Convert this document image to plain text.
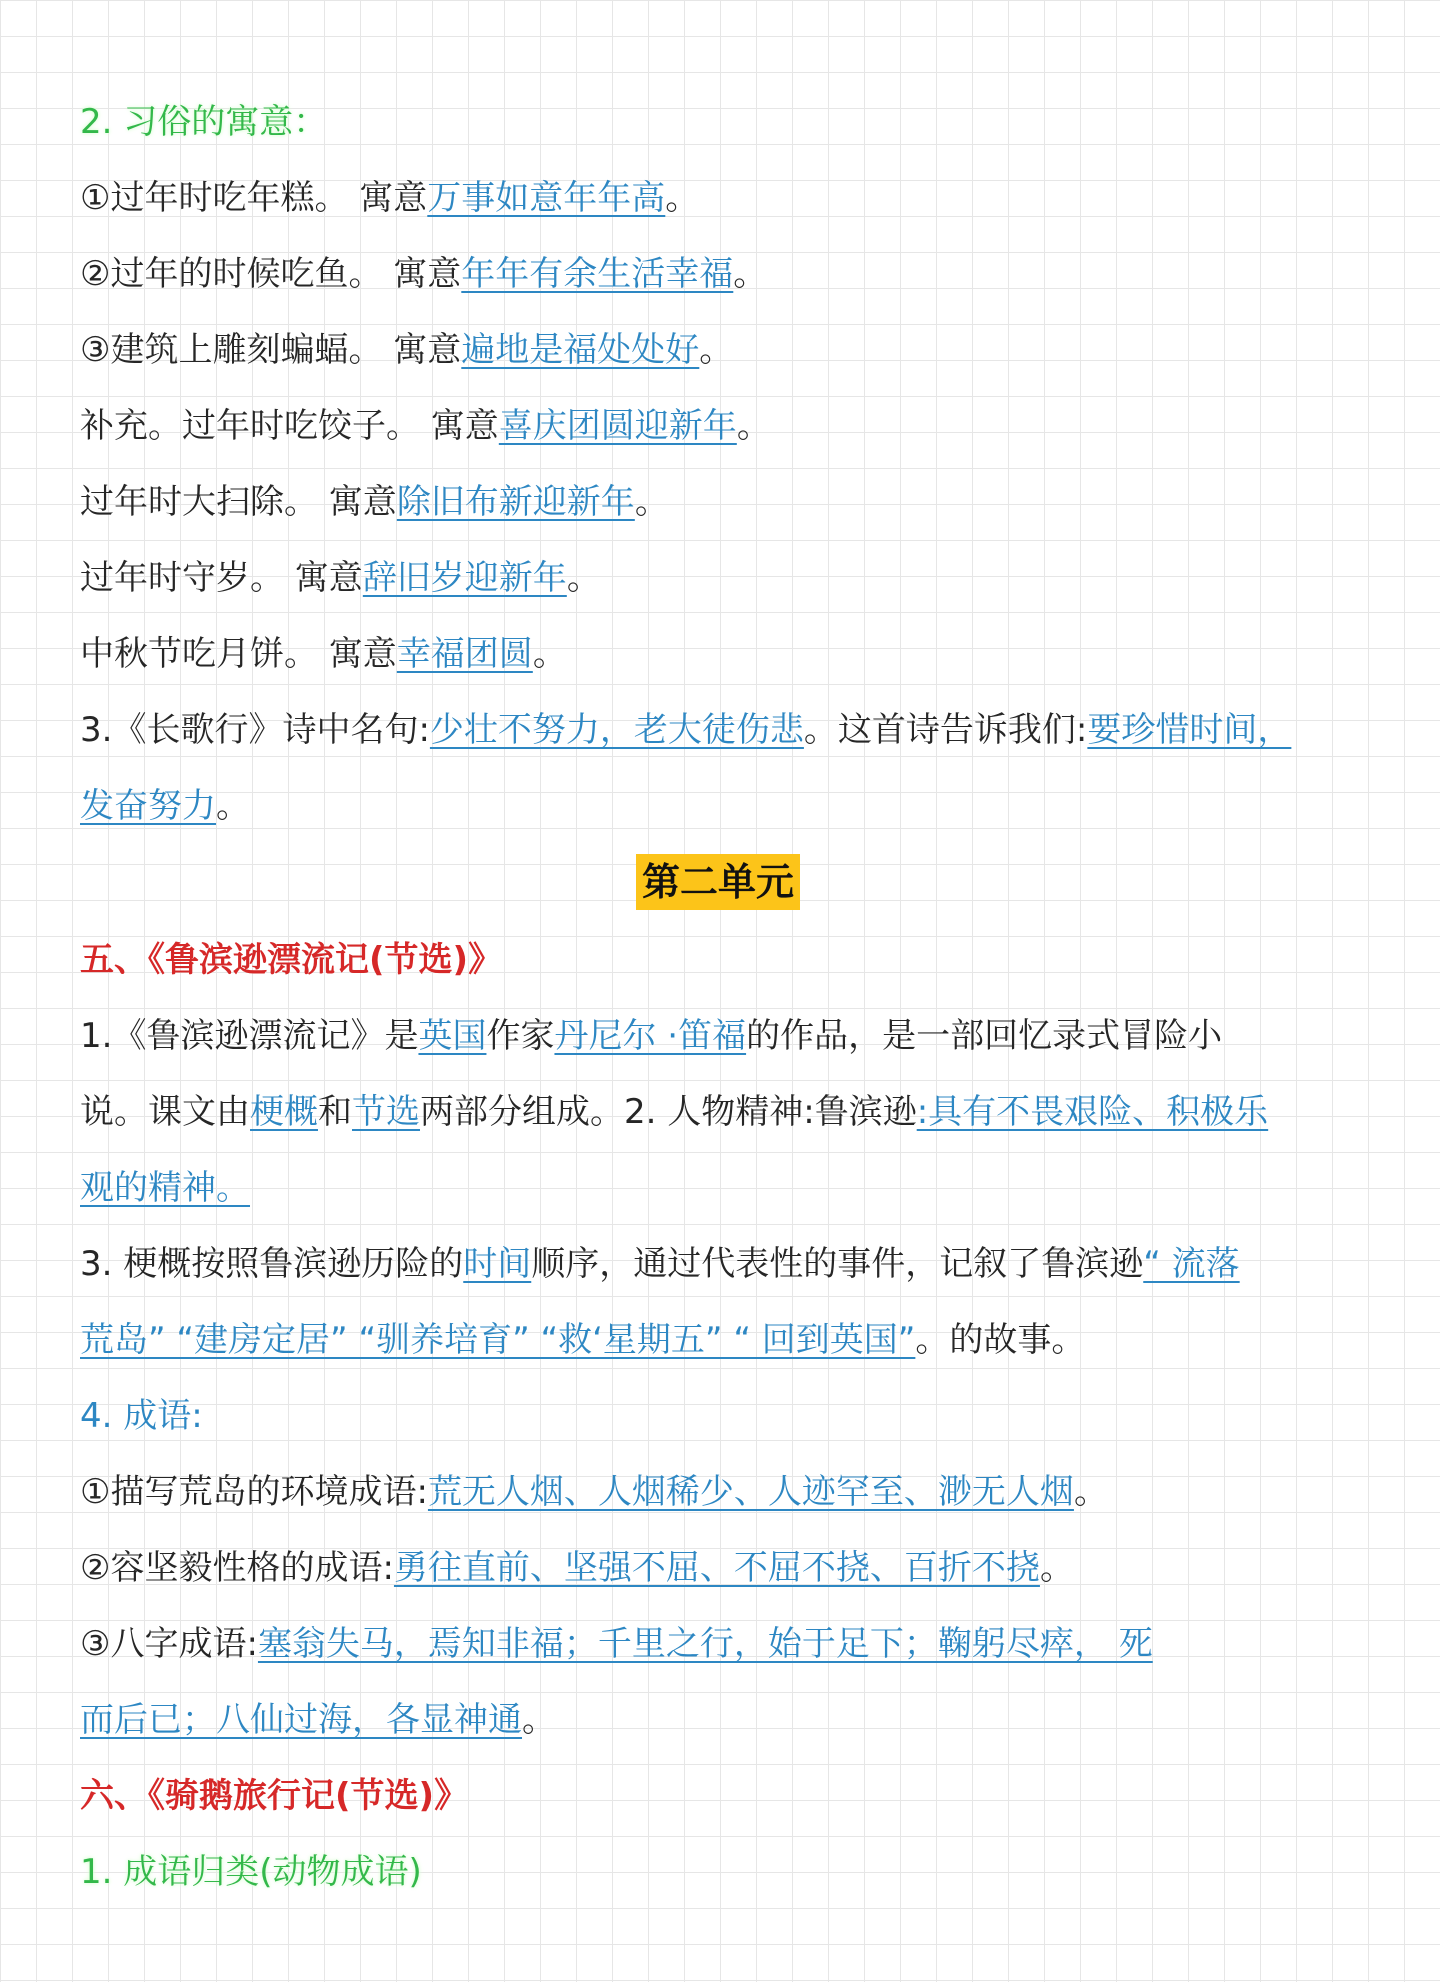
2. 习俗的寓意：
①过年时吃年糕。 寓意万事如意年年高。
②过年的时候吃鱼。 寓意年年有余生活幸福。
③建筑上雕刻蝙蝠。 寓意遍地是福处处好。
补充。过年时吃饺子。 寓意喜庆团圆迎新年。
过年时大扫除。 寓意除旧布新迎新年。
过年时守岁。 寓意辞旧岁迎新年。
中秋节吃月饼。 寓意幸福团圆。
3.《长歌行》诗中名句:少壮不努力，老大徒伤悲。这首诗告诉我们:要珍惜时间，
发奋努力。
第二单元
五、《鲁滨逊漂流记(节选)》
1.《鲁滨逊漂流记》是英国作家丹尼尔 ·笛福的作品，是一部回忆录式冒险小
说。课文由梗概和节选两部分组成。2. 人物精神:鲁滨逊:具有不畏艰险、积极乐
观的精神。
3. 梗概按照鲁滨逊历险的时间顺序，通过代表性的事件，记叙了鲁滨逊“ 流落
荒岛” “建房定居” “驯养培育” “救‘星期五” “ 回到英国”。的故事。
4. 成语:
①描写荒岛的环境成语:荒无人烟、人烟稀少、人迹罕至、渺无人烟。
②容坚毅性格的成语:勇往直前、坚强不屈、不屈不挠、百折不挠。
③八字成语:塞翁失马，焉知非福；千里之行，始于足下；鞠躬尽瘁， 死
而后已；八仙过海，各显神通。
六、《骑鹅旅行记(节选)》
1. 成语归类(动物成语)
